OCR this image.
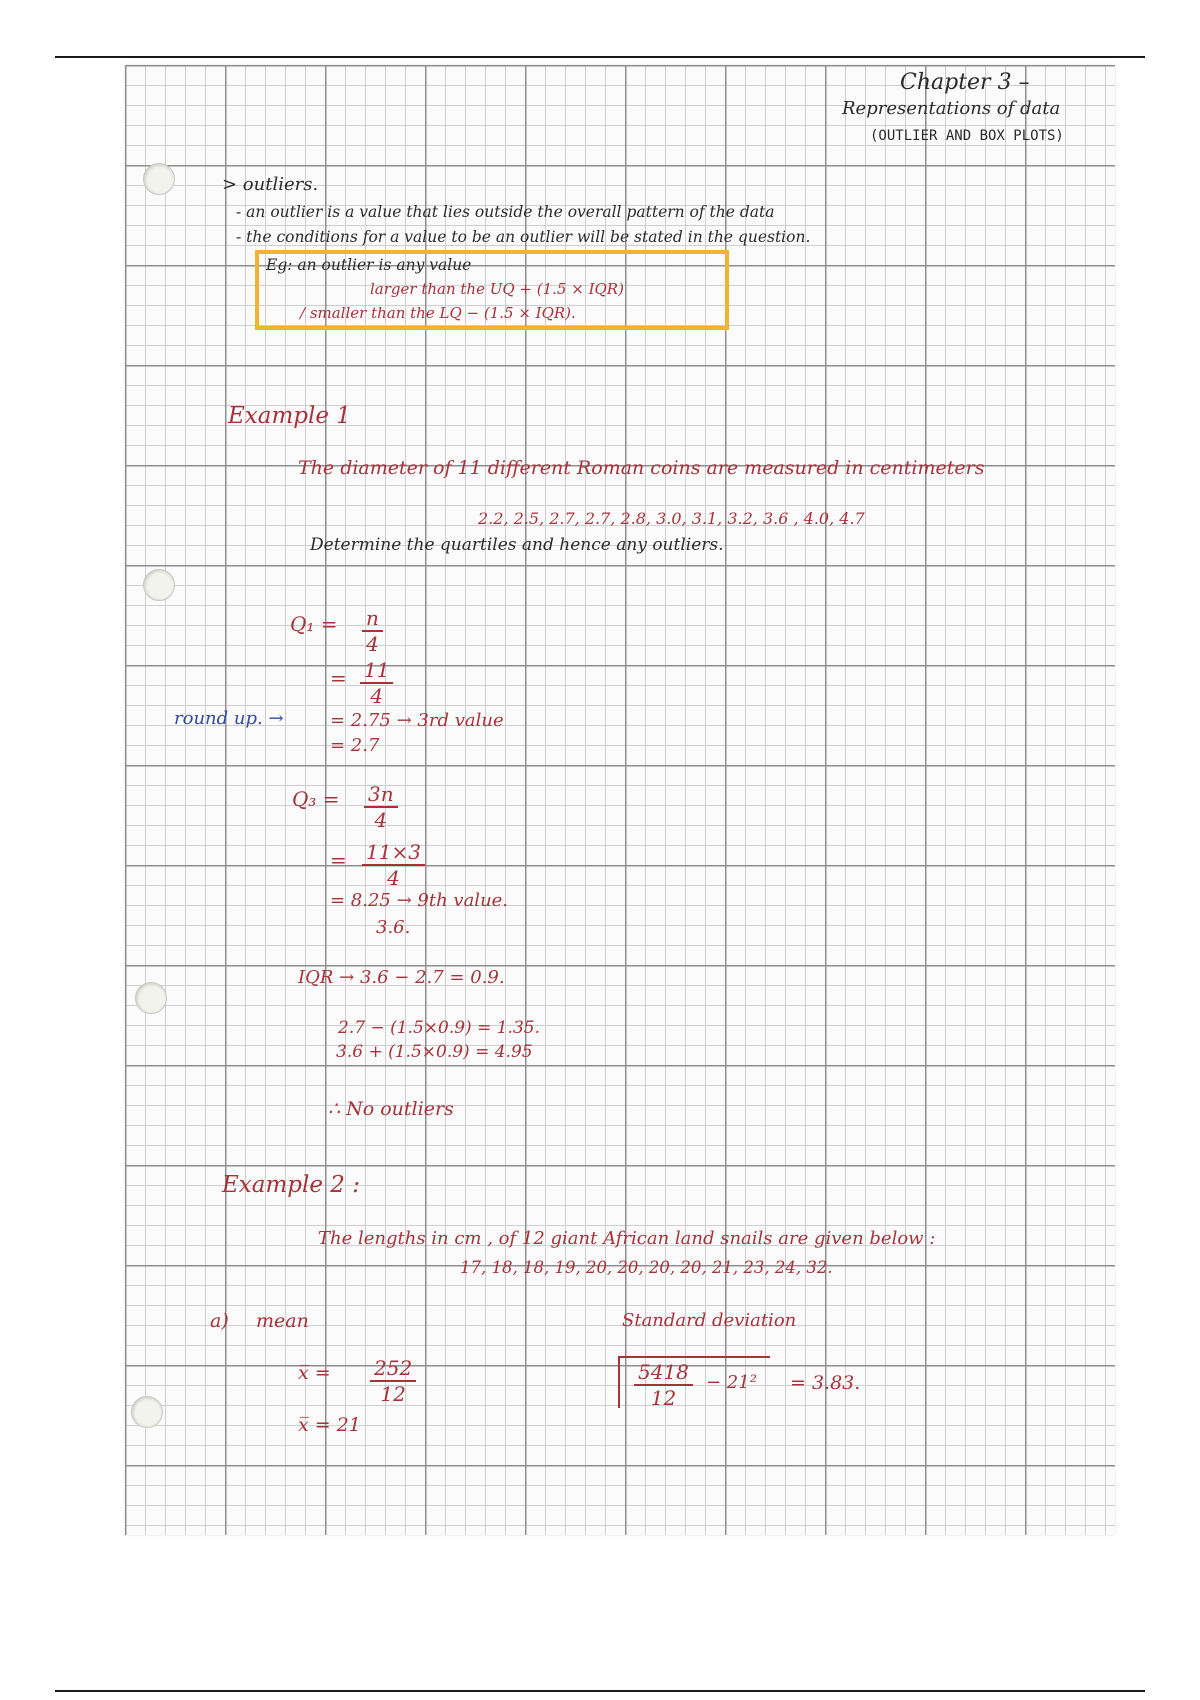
Chapter 3 –
Representations of data
(OUTLIER AND BOX PLOTS)
> outliers.
- an outlier is a value that lies outside the overall pattern of the data
- the conditions for a value to be an outlier will be stated in the question.
Eg: an outlier is any value
larger than the UQ + (1.5 × IQR)
/ smaller than the LQ − (1.5 × IQR).
Example 1
The diameter of 11 different Roman coins are measured in centimeters
2.2, 2.5, 2.7, 2.7, 2.8, 3.0, 3.1, 3.2, 3.6 , 4.0, 4.7
Determine the quartiles and hence any outliers.
$Q_1 = \frac{n}{4}$
= $\frac{11}{4}$
round up. →	= 2.75 → 3rd value
= 2.7
$Q_3 = \frac{3n}{4}$
= $\frac{11\times 3}{4}$
= 8.25 → 9th value.
3.6.
IQR → 3.6 − 2.7 = 0.9.
2.7 − (1.5×0.9) = 1.35.
3.6 + (1.5×0.9) = 4.95
∴ No outliers
Example 2 :
The lengths in cm , of 12 giant African land snails are given below :
17, 18, 18, 19, 20, 20, 20, 20, 21, 23, 24, 32.
a) mean
x̅ = $\frac{252}{12}$
x̅ = 21
Standard deviation
$\frac{5418}{12} - 21^2 = 3.83$.
